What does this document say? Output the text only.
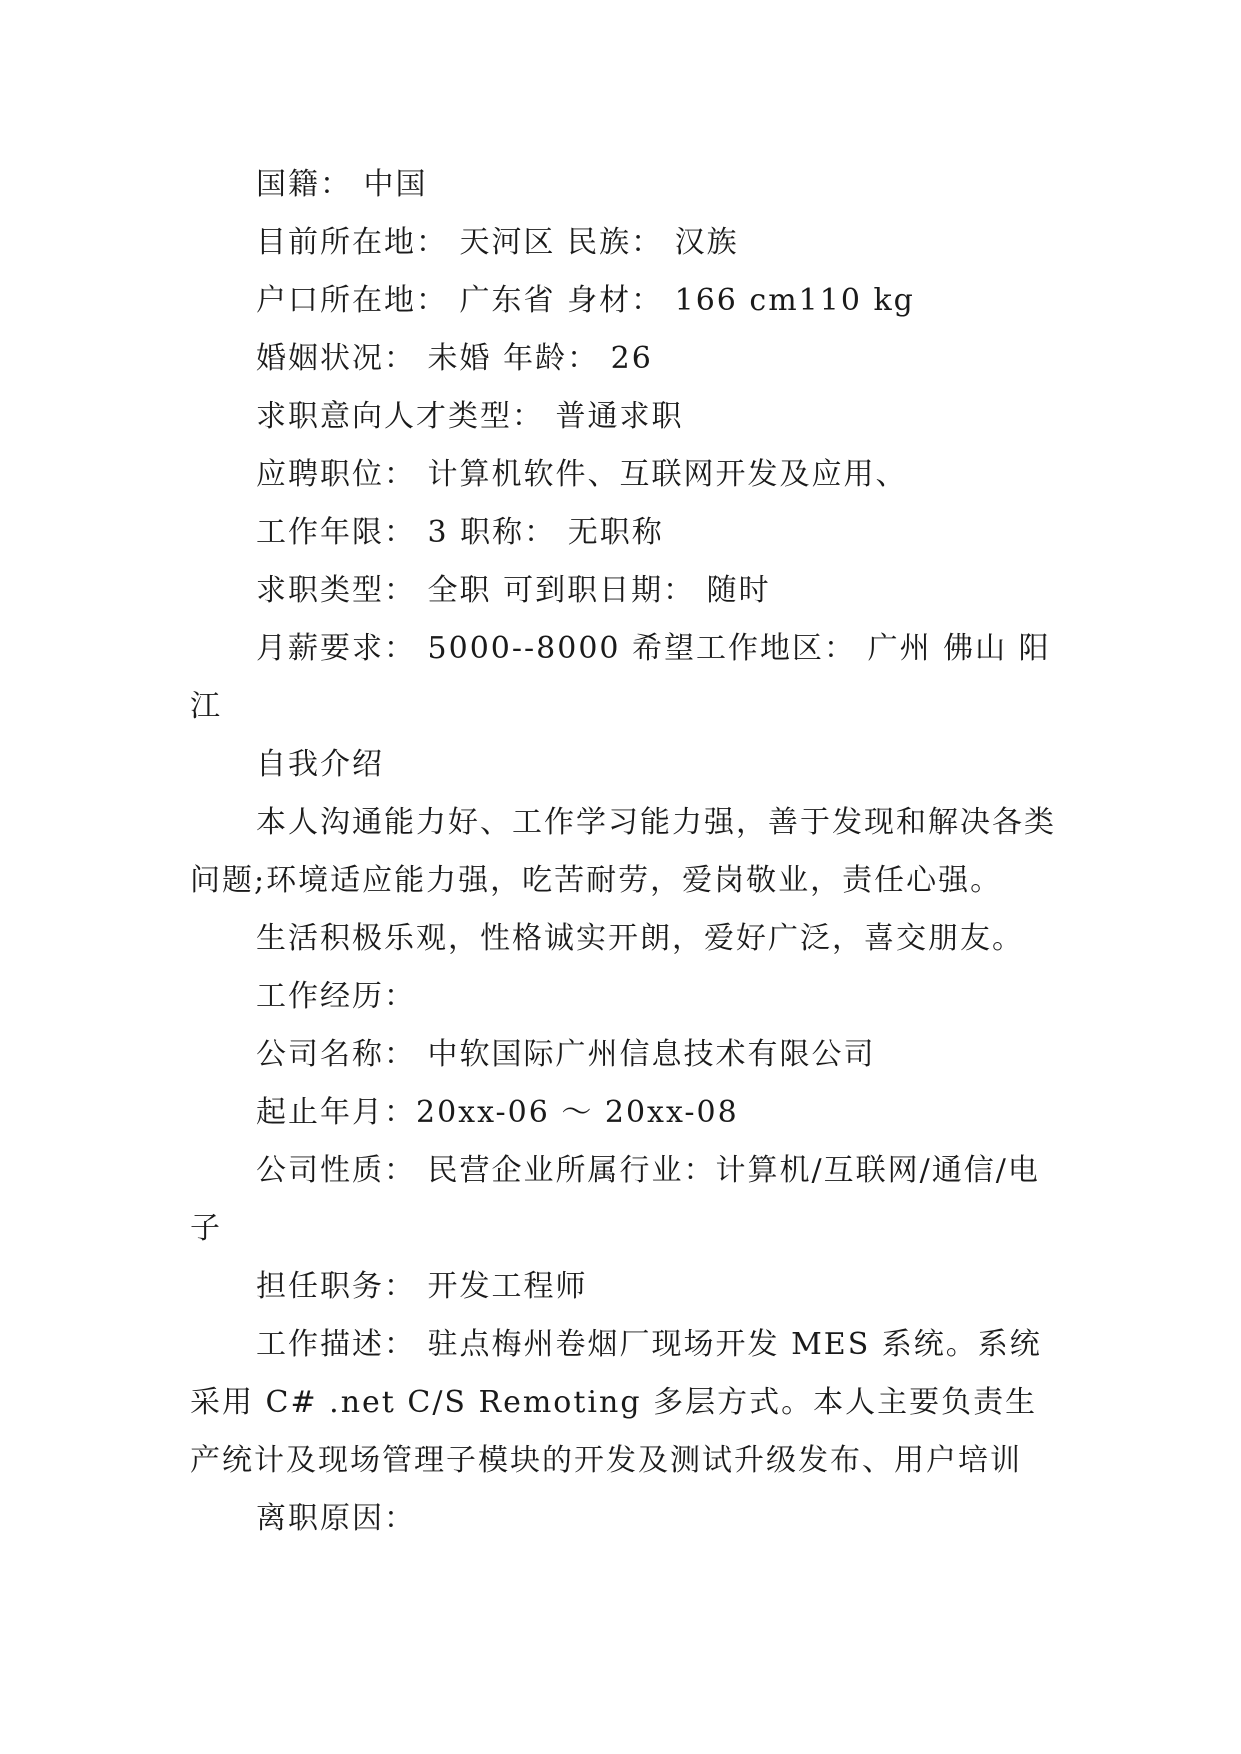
国籍： 中国

目前所在地： 天河区 民族： 汉族

户口所在地： 广东省 身材： 166 cm110 kg

婚姻状况： 未婚 年龄： 26

求职意向人才类型： 普通求职

应聘职位： 计算机软件、互联网开发及应用、

工作年限： 3 职称： 无职称

求职类型： 全职 可到职日期： 随时

月薪要求： 5000--8000 希望工作地区： 广州 佛山 阳江

自我介绍

本人沟通能力好、工作学习能力强，善于发现和解决各类问题;环境适应能力强，吃苦耐劳，爱岗敬业，责任心强。

生活积极乐观，性格诚实开朗，爱好广泛，喜交朋友。

工作经历：

公司名称： 中软国际广州信息技术有限公司

起止年月：20xx-06 ～ 20xx-08

公司性质： 民营企业所属行业：计算机/互联网/通信/电子

担任职务： 开发工程师

工作描述： 驻点梅州卷烟厂现场开发 MES 系统。系统采用 C# .net C/S Remoting 多层方式。本人主要负责生产统计及现场管理子模块的开发及测试升级发布、用户培训

离职原因：
